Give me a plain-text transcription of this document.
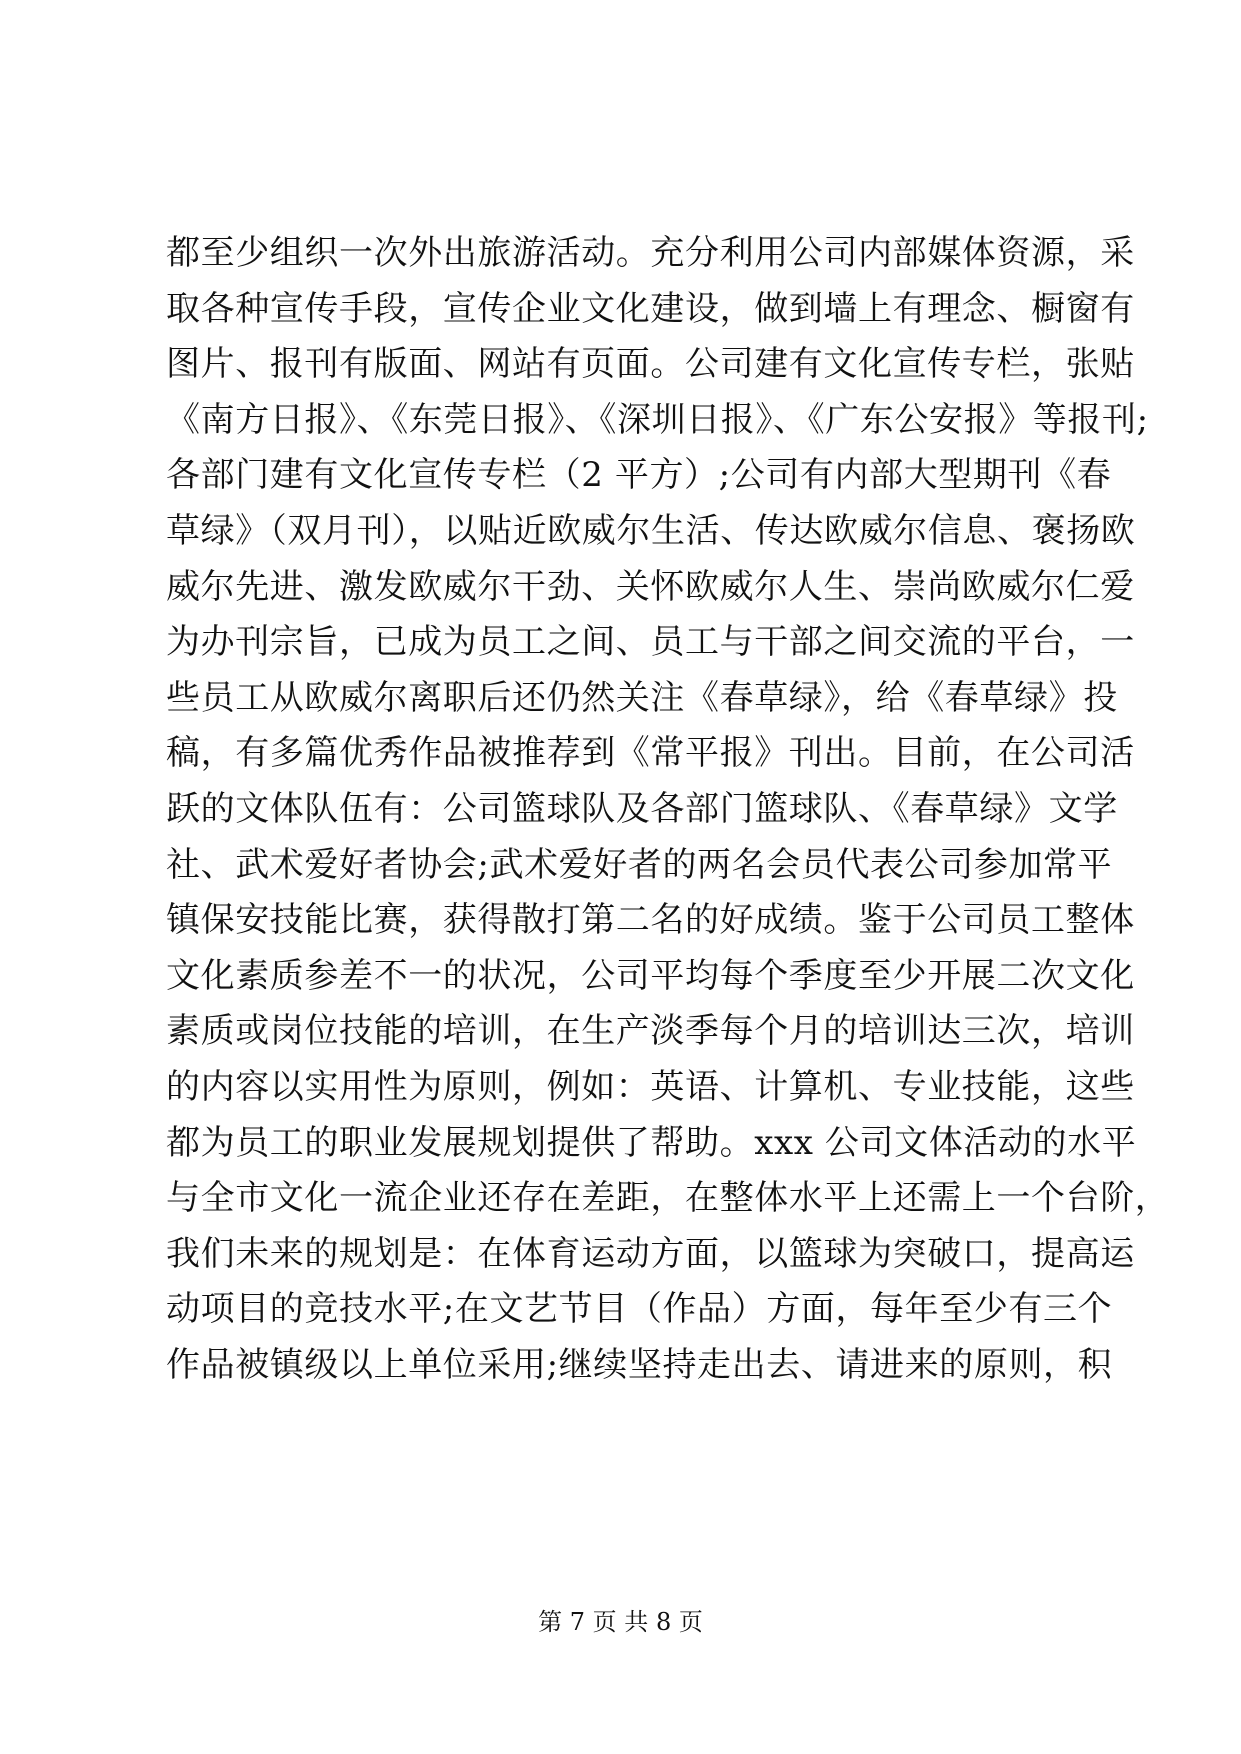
都至少组织一次外出旅游活动。充分利用公司内部媒体资源，采
取各种宣传手段，宣传企业文化建设，做到墙上有理念、橱窗有
图片、报刊有版面、网站有页面。公司建有文化宣传专栏，张贴
《南方日报》、《东莞日报》、《深圳日报》、《广东公安报》等报刊;
各部门建有文化宣传专栏（2 平方）;公司有内部大型期刊《春
草绿》（双月刊），以贴近欧威尔生活、传达欧威尔信息、褒扬欧
威尔先进、激发欧威尔干劲、关怀欧威尔人生、崇尚欧威尔仁爱
为办刊宗旨，已成为员工之间、员工与干部之间交流的平台，一
些员工从欧威尔离职后还仍然关注《春草绿》，给《春草绿》投
稿，有多篇优秀作品被推荐到《常平报》刊出。目前，在公司活
跃的文体队伍有：公司篮球队及各部门篮球队、《春草绿》文学
社、武术爱好者协会;武术爱好者的两名会员代表公司参加常平
镇保安技能比赛，获得散打第二名的好成绩。鉴于公司员工整体
文化素质参差不一的状况，公司平均每个季度至少开展二次文化
素质或岗位技能的培训，在生产淡季每个月的培训达三次，培训
的内容以实用性为原则，例如：英语、计算机、专业技能，这些
都为员工的职业发展规划提供了帮助。xxx 公司文体活动的水平
与全市文化一流企业还存在差距，在整体水平上还需上一个台阶，
我们未来的规划是：在体育运动方面，以篮球为突破口，提高运
动项目的竞技水平;在文艺节目（作品）方面，每年至少有三个
作品被镇级以上单位采用;继续坚持走出去、请进来的原则，积
第 7 页 共 8 页
